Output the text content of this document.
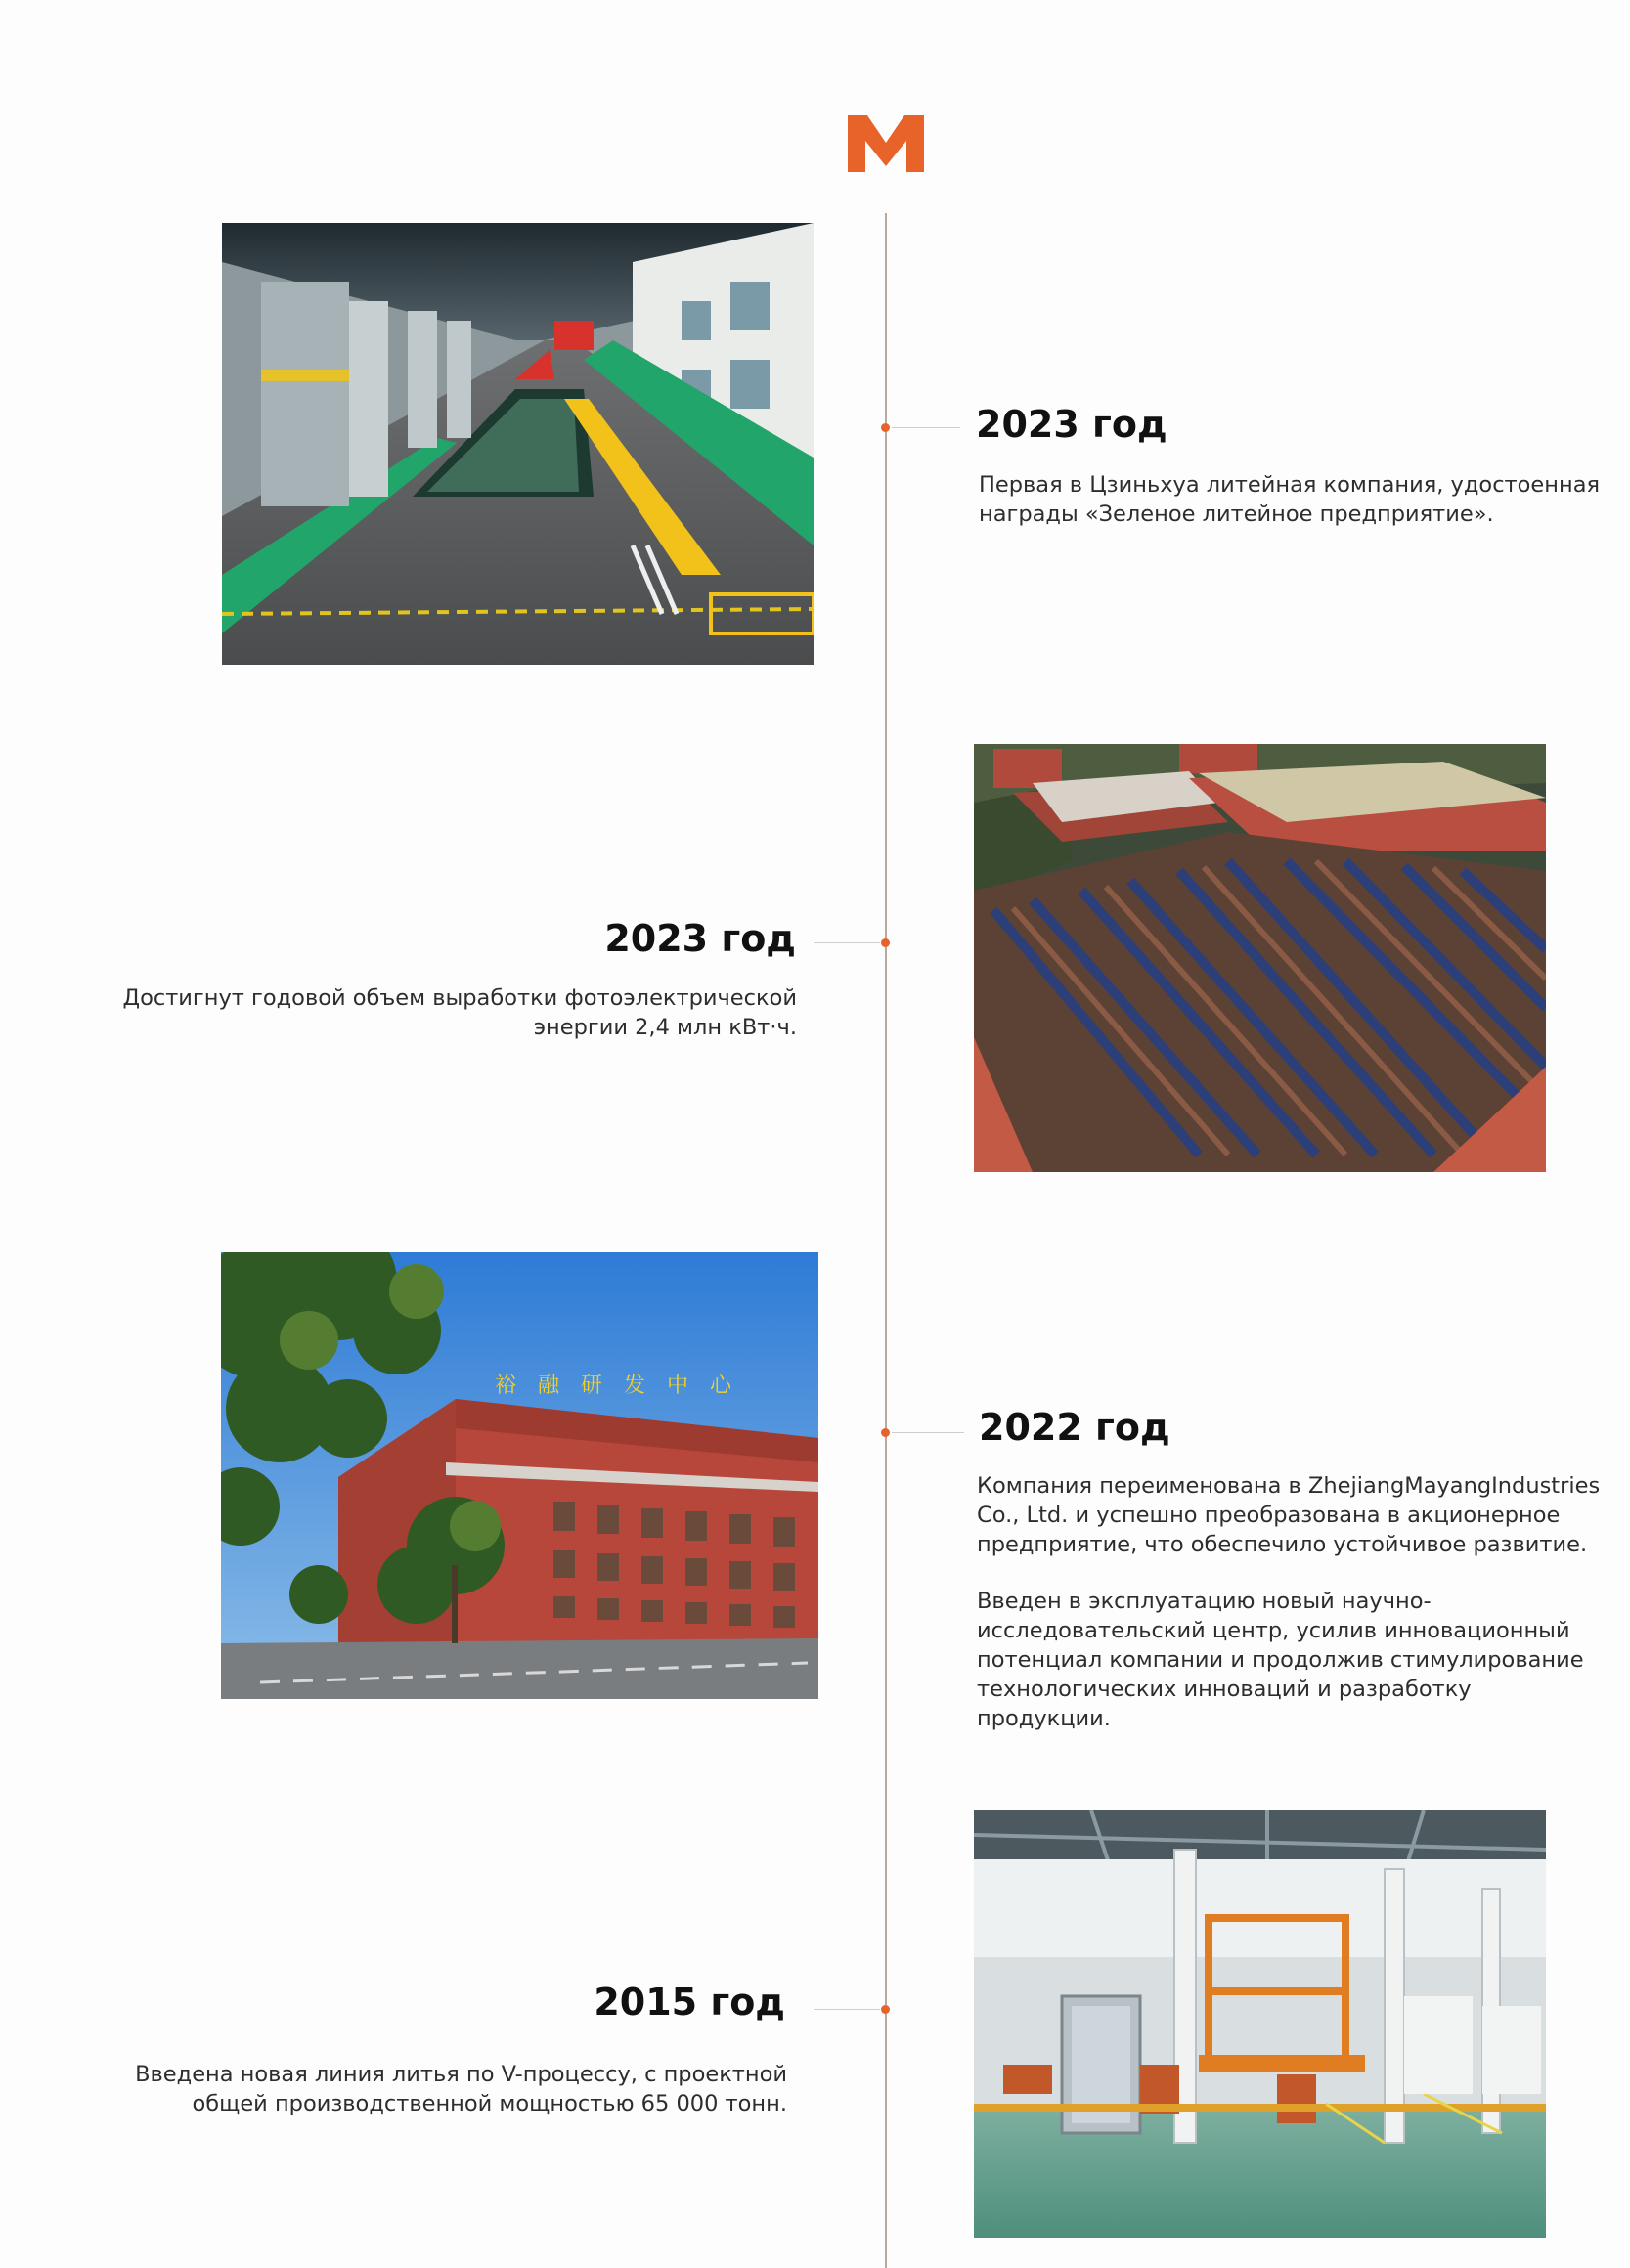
2023 год

Первая в Цзиньхуа литейная компания, удостоенная награды «Зеленое литейное предприятие».

2023 год

Достигнут годовой объем выработки фотоэлектрической энергии 2,4 млн кВт·ч.

裕融研发中心
2022 год

Компания переименована в ZhejiangMayangIndustries Co., Ltd. и успешно преобразована в акционерное предприятие, что обеспечило устойчивое развитие.

Введен в эксплуатацию новый научно-исследовательский центр, усилив инновационный потенциал компании и продолжив стимулирование технологических инноваций и разработку продукции.

2015 год

Введена новая линия литья по V-процессу, с проектной общей производственной мощностью 65 000 тонн.
